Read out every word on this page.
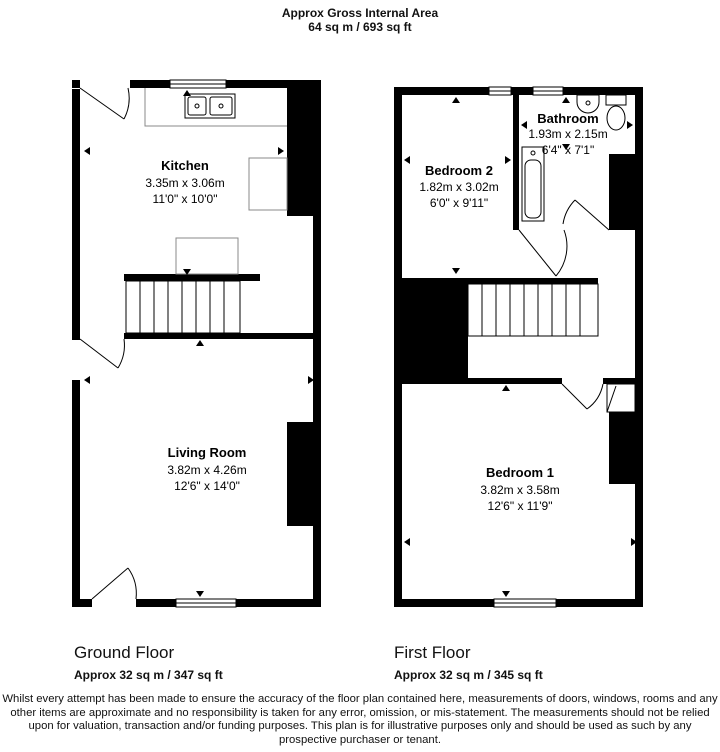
Approx Gross Internal Area
64 sq m / 693 sq ft
Kitchen
3.35m x 3.06m
11'0" x 10'0"
Living Room
3.82m x 4.26m
12'6" x 14'0"
Bedroom 2
1.82m x 3.02m
6'0" x 9'11"
Bathroom
1.93m x 2.15m
6'4" x 7'1"
Bedroom 1
3.82m x 3.58m
12'6" x 11'9"
Ground Floor
Approx 32 sq m / 347 sq ft
First Floor
Approx 32 sq m / 345 sq ft
Whilst every attempt has been made to ensure the accuracy of the floor plan contained here, measurements of doors, windows, rooms and any other items are approximate and no responsibility is taken for any error, omission, or mis-statement. The measurements should not be relied upon for valuation, transaction and/or funding purposes. This plan is for illustrative purposes only and should be used as such by any prospective purchaser or tenant.
